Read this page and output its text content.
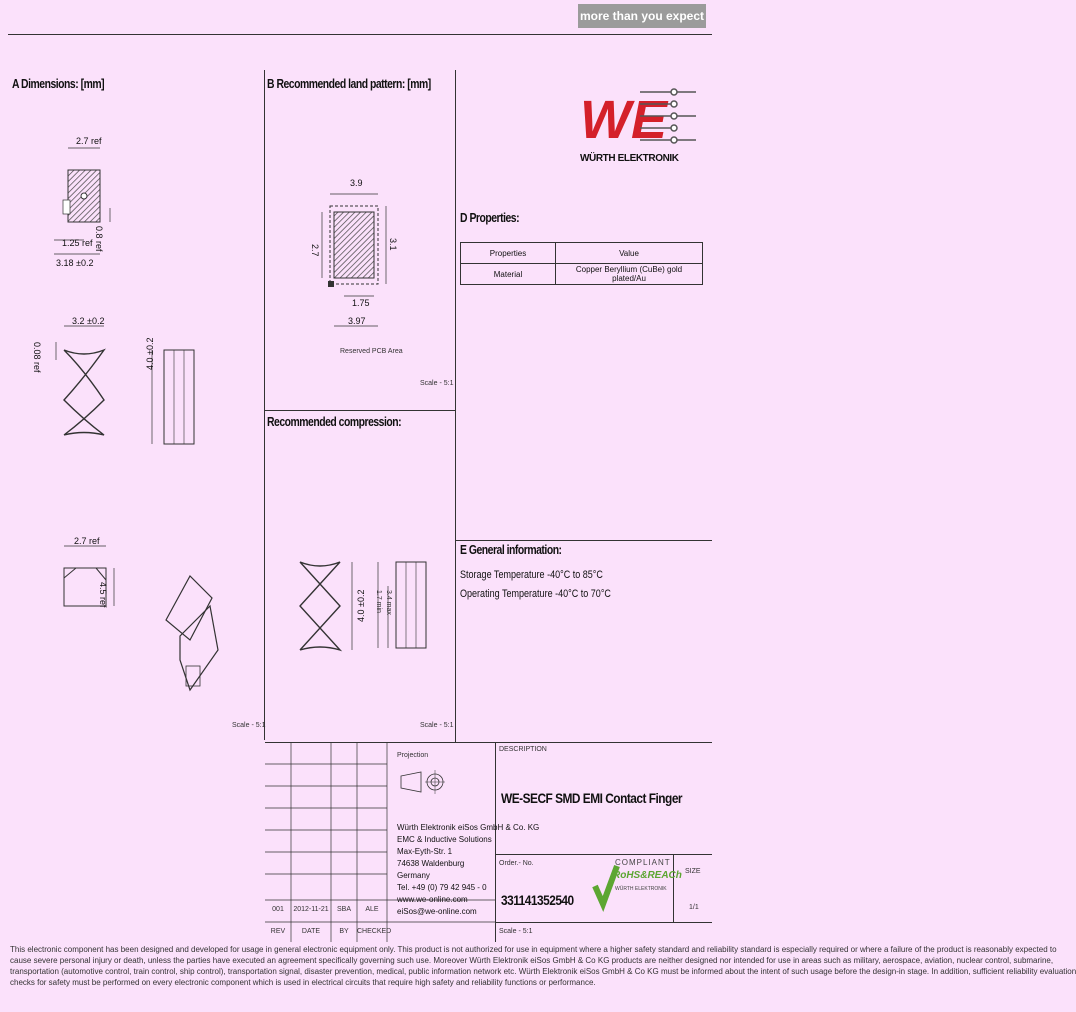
more than you expect
A Dimensions: [mm]	B Recommended land pattern: [mm]
Recommended compression:
D Properties:
E General information:
WE
WÜRTH ELEKTRONIK
2.7 ref
1.25 ref
3.18 ±0.2
0.8 ref
3.2 ±0.2
0.08 ref	4.0 ±0.2
2.7 ref
4.5 ref
Scale - 5:1
3.9
2.7	3.1
1.75
3.97
Reserved PCB Area
Scale - 5:1
4.0 ±0.2 1.7 min 3.4 max
Scale - 5:1
Properties	Value
Material	Copper Beryllium (CuBe) gold plated/Au
Storage Temperature -40°C to 85°C
Operating Temperature -40°C to 70°C
001	2012-11-21	SBA	ALE
REV	DATE	BY	CHECKED
Projection
Würth Elektronik eiSos GmbH & Co. KG
EMC & Inductive Solutions
Max-Eyth-Str. 1
74638 Waldenburg
Germany
Tel. +49 (0) 79 42 945 - 0
www.we-online.com
eiSos@we-online.com
DESCRIPTION
WE-SECF SMD EMI Contact Finger
Order.- No.
331141352540
Scale - 5:1
SIZE
1/1
COMPLIANT
RoHS&REACh
WÜRTH ELEKTRONIK
This electronic component has been designed and developed for usage in general electronic equipment only. This product is not authorized for use in equipment where a higher safety standard and reliability standard is especially required or where a failure of the product is reasonably expected to
cause severe personal injury or death, unless the parties have executed an agreement specifically governing such use. Moreover Würth Elektronik eiSos GmbH & Co KG products are neither designed nor intended for use in areas such as military, aerospace, aviation, nuclear control, submarine,
transportation (automotive control, train control, ship control), transportation signal, disaster prevention, medical, public information network etc. Würth Elektronik eiSos GmbH & Co KG must be informed about the intent of such usage before the design-in stage. In addition, sufficient reliability evaluation
checks for safety must be performed on every electronic component which is used in electrical circuits that require high safety and reliability functions or performance.
